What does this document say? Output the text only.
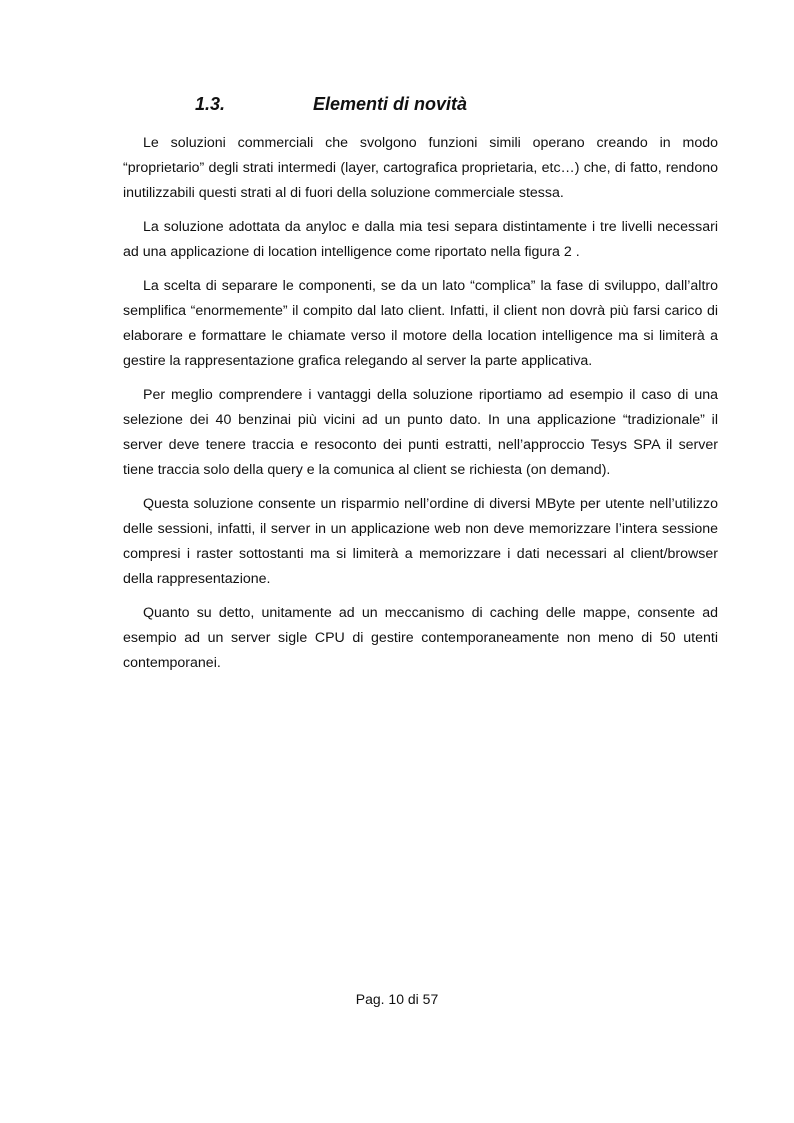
1.3.	Elementi di novità

Le soluzioni commerciali che svolgono funzioni simili operano creando in modo “proprietario” degli strati intermedi (layer, cartografica proprietaria, etc…) che, di fatto, rendono inutilizzabili questi strati al di fuori della soluzione commerciale stessa.

La soluzione adottata da anyloc e dalla mia tesi separa distintamente i tre livelli necessari ad una applicazione di location intelligence come riportato nella figura 2 .

La scelta di separare le componenti, se da un lato “complica” la fase di sviluppo, dall’altro semplifica “enormemente” il compito dal lato client. Infatti, il client non dovrà più farsi carico di elaborare e formattare le chiamate verso il motore della location intelligence ma si limiterà a gestire la rappresentazione grafica relegando al server la parte applicativa.

Per meglio comprendere i vantaggi della soluzione riportiamo ad esempio il caso di una selezione dei 40 benzinai più vicini ad un punto dato. In una applicazione “tradizionale” il server deve tenere traccia e resoconto dei punti estratti, nell’approccio Tesys SPA il server tiene traccia solo della query e la comunica al client se richiesta (on demand).

Questa soluzione consente un risparmio nell’ordine di diversi MByte per utente nell’utilizzo delle sessioni, infatti, il server in un applicazione web non deve memorizzare l’intera sessione compresi i raster sottostanti ma si limiterà a memorizzare i dati necessari al client/browser della rappresentazione.

Quanto su detto, unitamente ad un meccanismo di caching delle mappe, consente ad esempio ad un server sigle CPU di gestire contemporaneamente non meno di 50 utenti contemporanei.

Pag. 10 di 57
